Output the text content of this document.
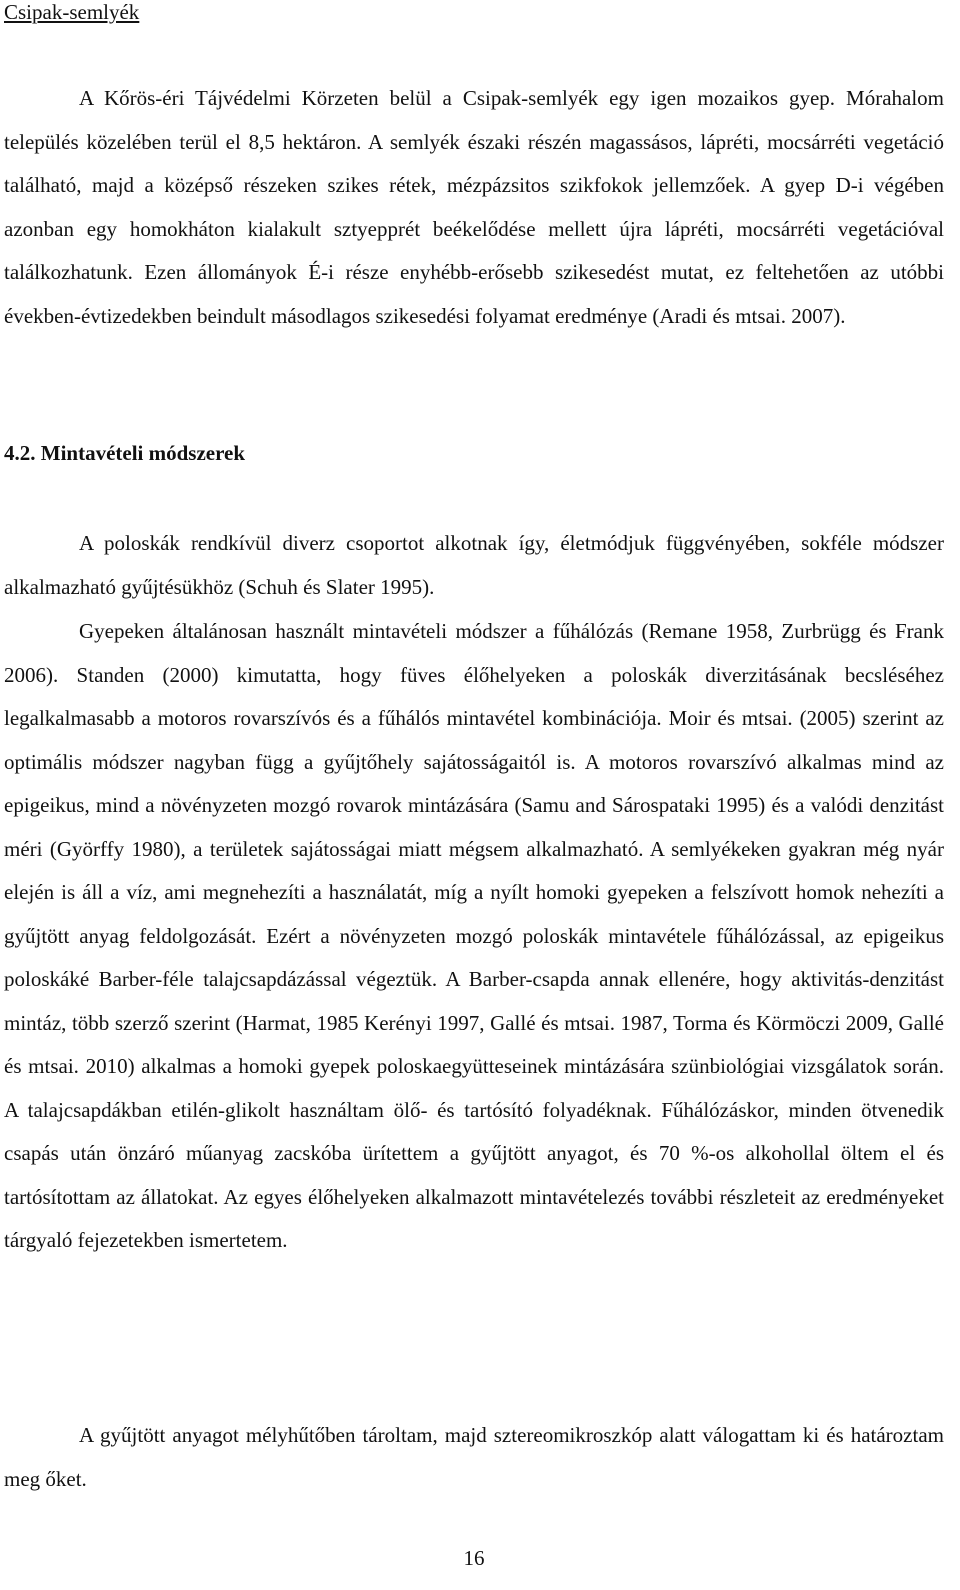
Csipak-semlyék

A Kőrös-éri Tájvédelmi Körzeten belül a Csipak-semlyék egy igen mozaikos gyep. Mórahalom település közelében terül el 8,5 hektáron. A semlyék északi részén magassásos, lápréti, mocsárréti vegetáció található, majd a középső részeken szikes rétek, mézpázsitos szikfokok jellemzőek. A gyep D-i végében azonban egy homokháton kialakult sztyepprét beékelődése mellett újra lápréti, mocsárréti vegetációval találkozhatunk. Ezen állományok É-i része enyhébb-erősebb szikesedést mutat, ez feltehetően az utóbbi években-évtizedekben beindult másodlagos szikesedési folyamat eredménye (Aradi és mtsai. 2007).

4.2. Mintavételi módszerek

A poloskák rendkívül diverz csoportot alkotnak így, életmódjuk függvényében, sokféle módszer alkalmazható gyűjtésükhöz (Schuh és Slater 1995).

Gyepeken általánosan használt mintavételi módszer a fűhálózás (Remane 1958, Zurbrügg és Frank 2006). Standen (2000) kimutatta, hogy füves élőhelyeken a poloskák diverzitásának becsléséhez legalkalmasabb a motoros rovarszívós és a fűhálós mintavétel kombinációja. Moir és mtsai. (2005) szerint az optimális módszer nagyban függ a gyűjtőhely sajátosságaitól is. A motoros rovarszívó alkalmas mind az epigeikus, mind a növényzeten mozgó rovarok mintázására (Samu and Sárospataki 1995) és a valódi denzitást méri (Györffy 1980), a területek sajátosságai miatt mégsem alkalmazható. A semlyékeken gyakran még nyár elején is áll a víz, ami megnehezíti a használatát, míg a nyílt homoki gyepeken a felszívott homok nehezíti a gyűjtött anyag feldolgozását. Ezért a növényzeten mozgó poloskák mintavétele fűhálózással, az epigeikus poloskáké Barber-féle talajcsapdázással végeztük. A Barber-csapda annak ellenére, hogy aktivitás-denzitást mintáz, több szerző szerint (Harmat, 1985 Kerényi 1997, Gallé és mtsai. 1987, Torma és Körmöczi 2009, Gallé és mtsai. 2010) alkalmas a homoki gyepek poloskaegyütteseinek mintázására szünbiológiai vizsgálatok során. A talajcsapdákban etilén-glikolt használtam ölő- és tartósító folyadéknak. Fűhálózáskor, minden ötvenedik csapás után önzáró műanyag zacskóba ürítettem a gyűjtött anyagot, és 70 %-os alkohollal öltem el és tartósítottam az állatokat. Az egyes élőhelyeken alkalmazott mintavételezés további részleteit az eredményeket tárgyaló fejezetekben ismertetem.

A gyűjtött anyagot mélyhűtőben tároltam, majd sztereomikroszkóp alatt válogattam ki és határoztam meg őket.

16
